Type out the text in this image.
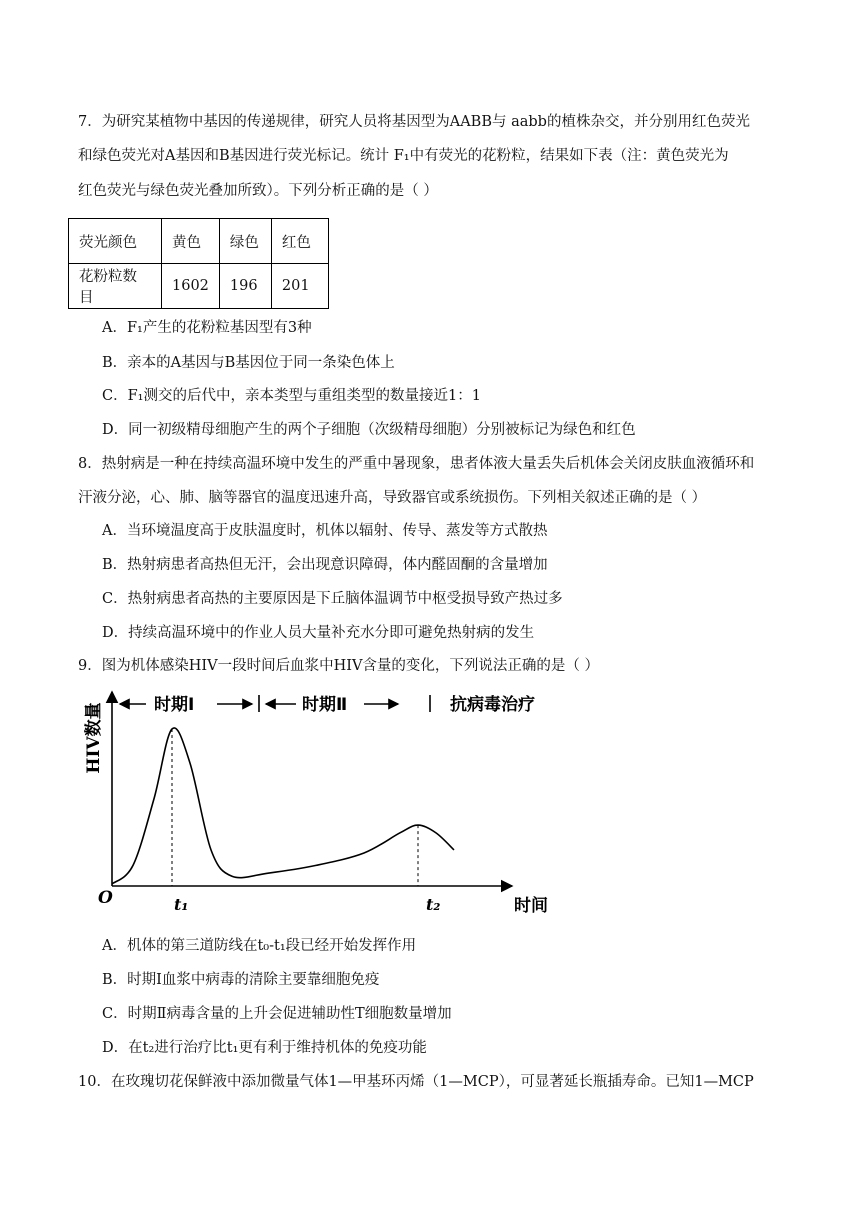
7．为研究某植物中基因的传递规律，研究人员将基因型为AABB与 aabb的植株杂交，并分别用红色荧光
和绿色荧光对A基因和B基因进行荧光标记。统计 F₁中有荧光的花粉粒，结果如下表（注：黄色荧光为
红色荧光与绿色荧光叠加所致）。下列分析正确的是（ ）
荧光颜色	黄色	绿色	红色
花粉粒数目	1602	196	201
A．F₁产生的花粉粒基因型有3种
B．亲本的A基因与B基因位于同一条染色体上
C．F₁测交的后代中，亲本类型与重组类型的数量接近1：1
D．同一初级精母细胞产生的两个子细胞（次级精母细胞）分别被标记为绿色和红色
8．热射病是一种在持续高温环境中发生的严重中暑现象，患者体液大量丢失后机体会关闭皮肤血液循环和
汗液分泌，心、肺、脑等器官的温度迅速升高，导致器官或系统损伤。下列相关叙述正确的是（ ）
A．当环境温度高于皮肤温度时，机体以辐射、传导、蒸发等方式散热
B．热射病患者高热但无汗，会出现意识障碍，体内醛固酮的含量增加
C．热射病患者高热的主要原因是下丘脑体温调节中枢受损导致产热过多
D．持续高温环境中的作业人员大量补充水分即可避免热射病的发生
9．图为机体感染HIV一段时间后血浆中HIV含量的变化，下列说法正确的是（ ）
时期Ⅰ	时期Ⅱ	抗病毒治疗
HIV数量
时间
O	t₁	t₂
A．机体的第三道防线在t₀-t₁段已经开始发挥作用
B．时期Ⅰ血浆中病毒的清除主要靠细胞免疫
C．时期Ⅱ病毒含量的上升会促进辅助性T细胞数量增加
D．在t₂进行治疗比t₁更有利于维持机体的免疫功能
10．在玫瑰切花保鲜液中添加微量气体1—甲基环丙烯（1—MCP），可显著延长瓶插寿命。已知1—MCP
